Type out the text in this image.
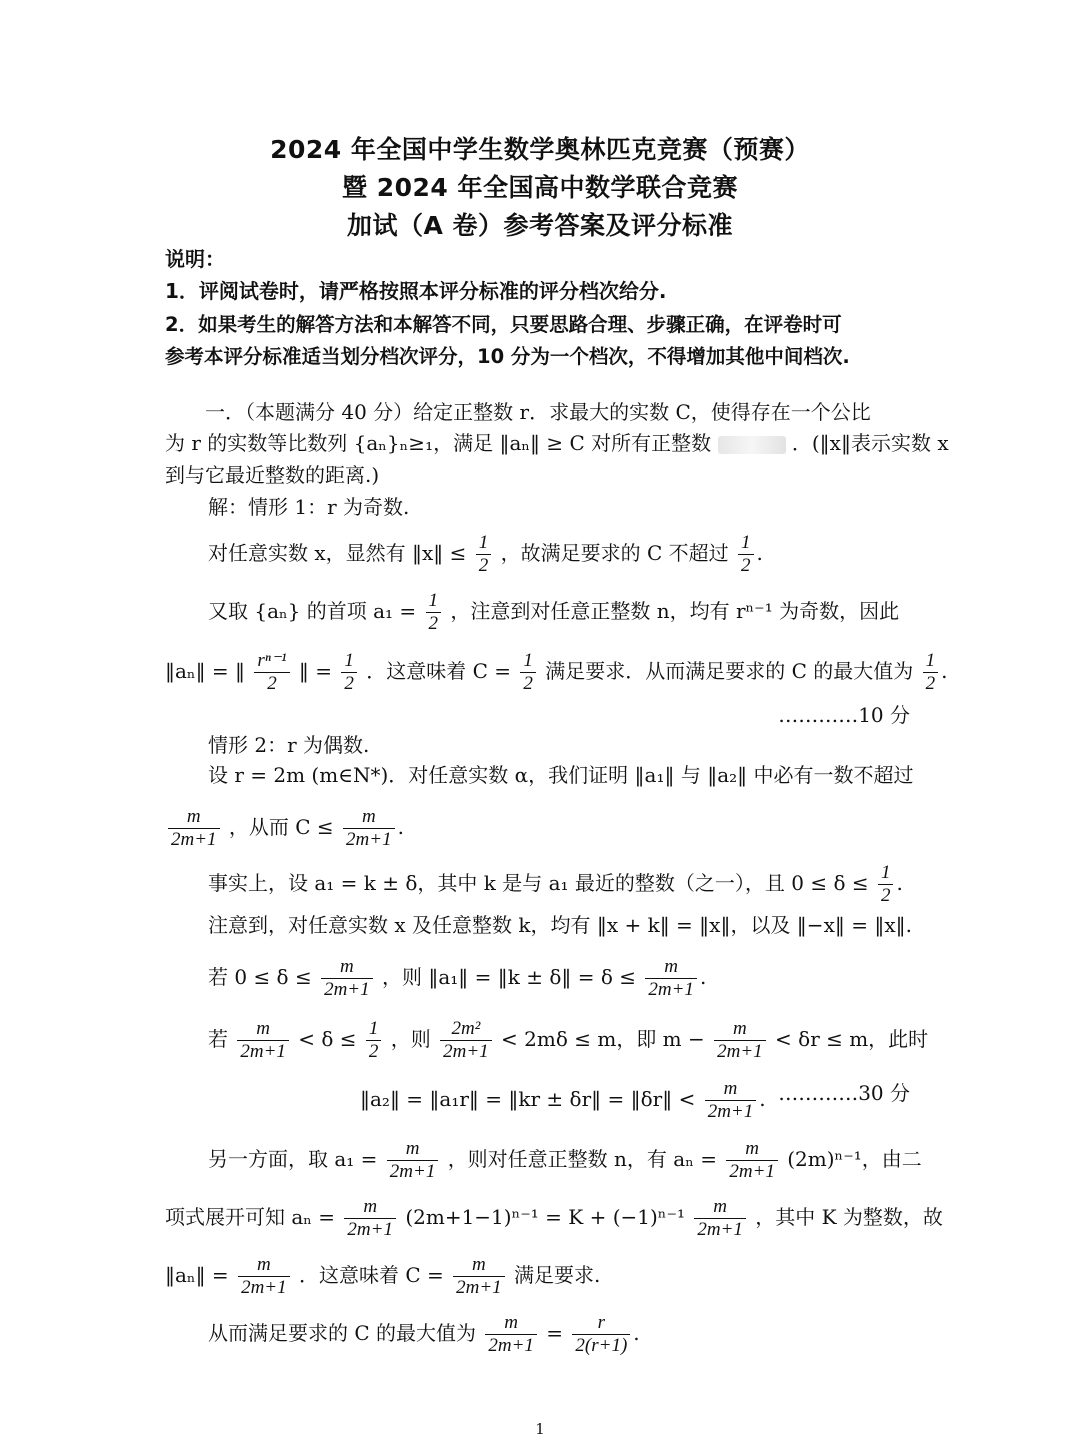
2024 年全国中学生数学奥林匹克竞赛（预赛）
暨 2024 年全国高中数学联合竞赛
加试（A 卷）参考答案及评分标准
说明：
1．评阅试卷时，请严格按照本评分标准的评分档次给分.
2．如果考生的解答方法和本解答不同，只要思路合理、步骤正确，在评卷时可
参考本评分标准适当划分档次评分，10 分为一个档次，不得增加其他中间档次.
一．（本题满分 40 分）给定正整数 r．求最大的实数 C，使得存在一个公比
为 r 的实数等比数列 {aₙ}ₙ≥₁，满足 ‖aₙ‖ ≥ C 对所有正整数	．(‖x‖表示实数 x
到与它最近整数的距离.)
解：情形 1：r 为奇数.
对任意实数 x，显然有 ‖x‖ ≤ $\frac{1}{2}$ ，故满足要求的 C 不超过 $\frac{1}{2}$ .
又取 {aₙ} 的首项 $a_1 = \frac{1}{2}$ ，注意到对任意正整数 n，均有 rⁿ⁻¹ 为奇数，因此
‖aₙ‖ = ‖ $\frac{\text{rⁿ⁻¹}}{2}$ ‖ = $\frac{1}{2}$ ．这意味着 $C = \frac{1}{2}$ 满足要求．从而满足要求的 C 的最大值为 $\frac{1}{2}$ .
…………10 分
情形 2：r 为偶数.
设 r = 2m (m∈N*)．对任意实数 α，我们证明 ‖a₁‖ 与 ‖a₂‖ 中必有一数不超过
$\frac{m}{2m+1}$ ，从而 $C \le \frac{m}{2m+1}$ .
事实上，设 a₁ = k ± δ，其中 k 是与 a₁ 最近的整数（之一），且 $0 \le \delta \le \frac{1}{2}$ .
注意到，对任意实数 x 及任意整数 k，均有 ‖x + k‖ = ‖x‖，以及 ‖−x‖ = ‖x‖.
若 $0 \le \delta \le \frac{m}{2m+1}$ ，则 ‖a₁‖ = ‖k ± δ‖ = $\delta \le \frac{m}{2m+1}$ .
若 $\frac{m}{2m+1} < \delta \le \frac{1}{2}$ ，则 $\frac{\text{2m²}}{2m+1} < 2m\delta \le m$，即 $m - \frac{m}{2m+1} < \delta r \le m$，此时
‖a₂‖ = ‖a₁r‖ = ‖kr ± δr‖ = ‖δr‖ < $\frac{m}{2m+1}$ . …………30 分
另一方面，取 $a_1 = \frac{m}{2m+1}$ ，则对任意正整数 n，有 $a_n = \frac{m}{2m+1} (2m)^{n-1}$，由二
项式展开可知 $a_n = \frac{m}{2m+1} (2m+1-1)^{n-1} = K + (-1)^{n-1} \frac{m}{2m+1}$ ，其中 K 为整数，故
‖aₙ‖ = $\frac{m}{2m+1}$ ．这意味着 $C = \frac{m}{2m+1}$ 满足要求.
从而满足要求的 C 的最大值为 $\frac{m}{2m+1} = \frac{r}{2(r+1)}$ .
1
